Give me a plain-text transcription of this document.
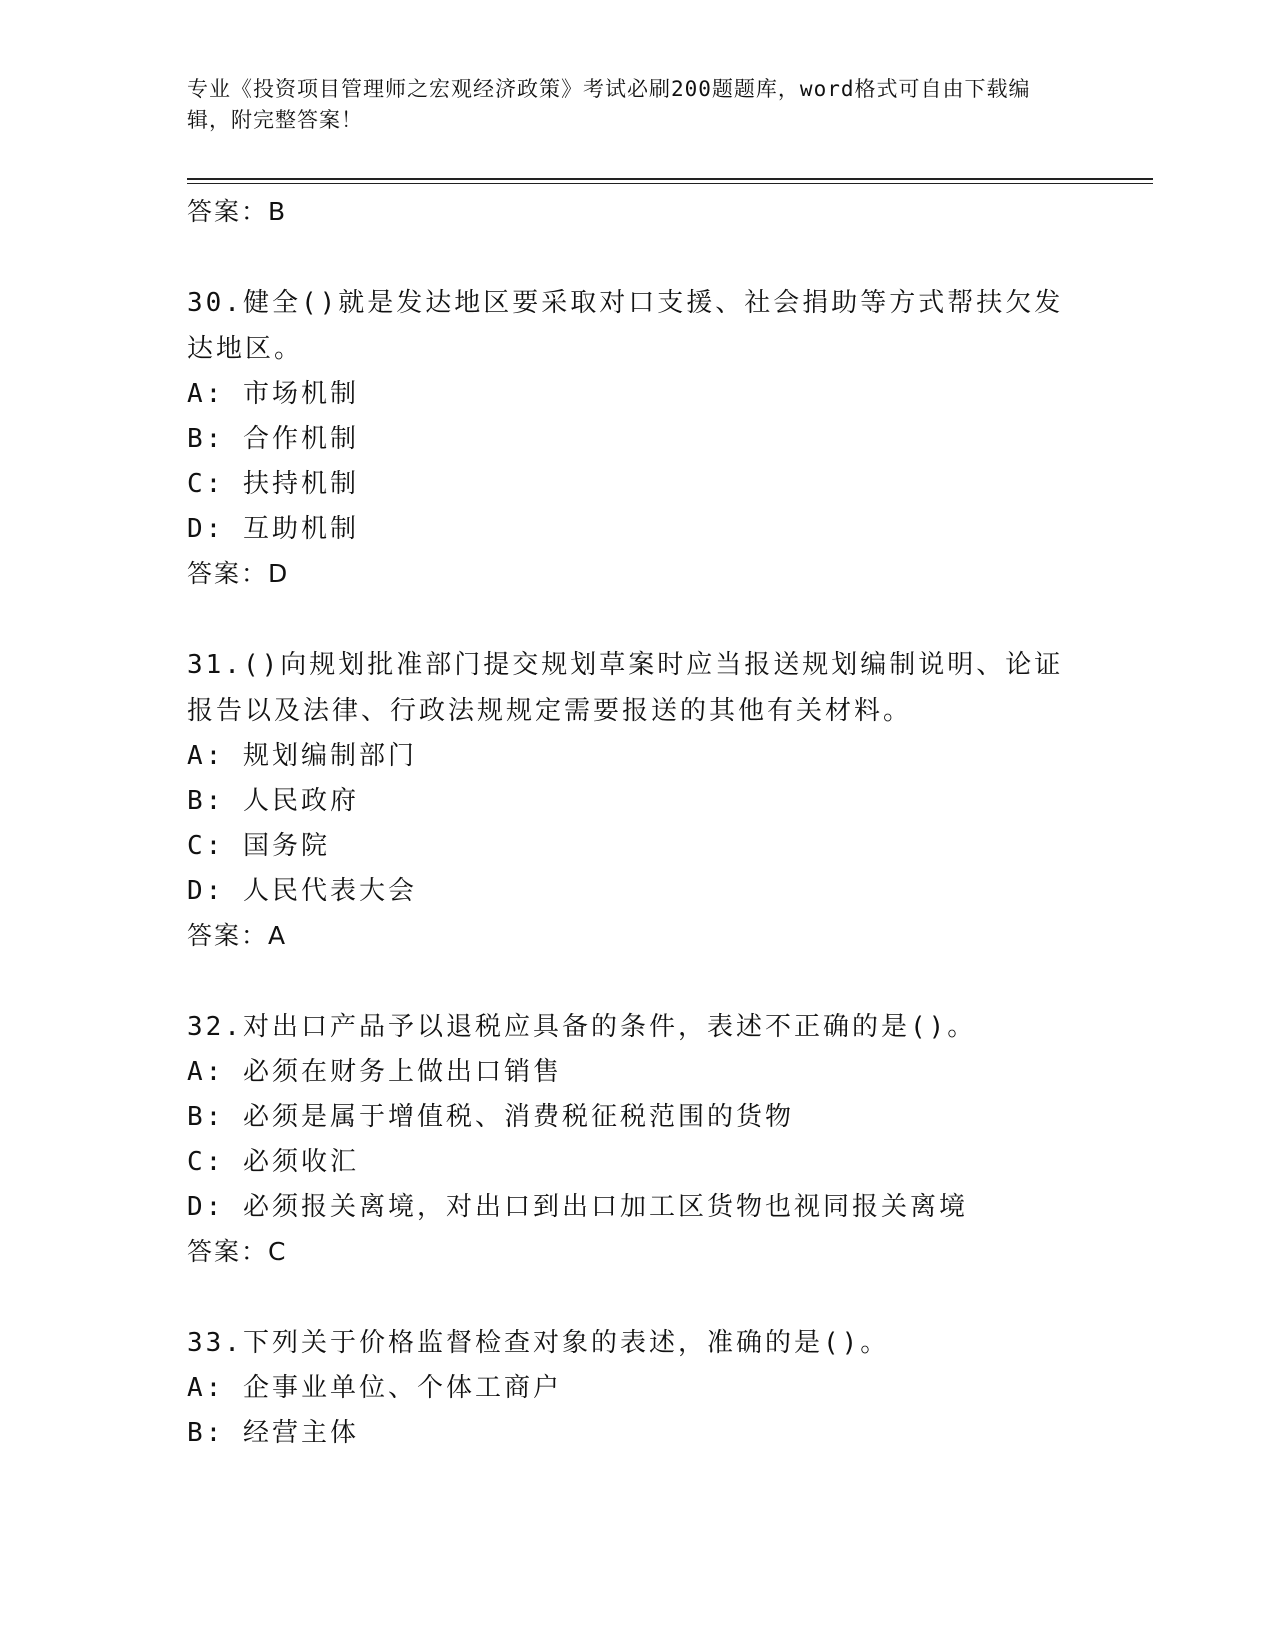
专业《投资项目管理师之宏观经济政策》考试必刷200题题库，word格式可自由下载编辑，附完整答案！
答案：B
30.健全()就是发达地区要采取对口支援、社会捐助等方式帮扶欠发达地区。
A: 市场机制
B: 合作机制
C: 扶持机制
D: 互助机制
答案：D
31.()向规划批准部门提交规划草案时应当报送规划编制说明、论证报告以及法律、行政法规规定需要报送的其他有关材料。
A: 规划编制部门
B: 人民政府
C: 国务院
D: 人民代表大会
答案：A
32.对出口产品予以退税应具备的条件，表述不正确的是()。
A: 必须在财务上做出口销售
B: 必须是属于增值税、消费税征税范围的货物
C: 必须收汇
D: 必须报关离境，对出口到出口加工区货物也视同报关离境
答案：C
33.下列关于价格监督检查对象的表述，准确的是()。
A: 企事业单位、个体工商户
B: 经营主体
